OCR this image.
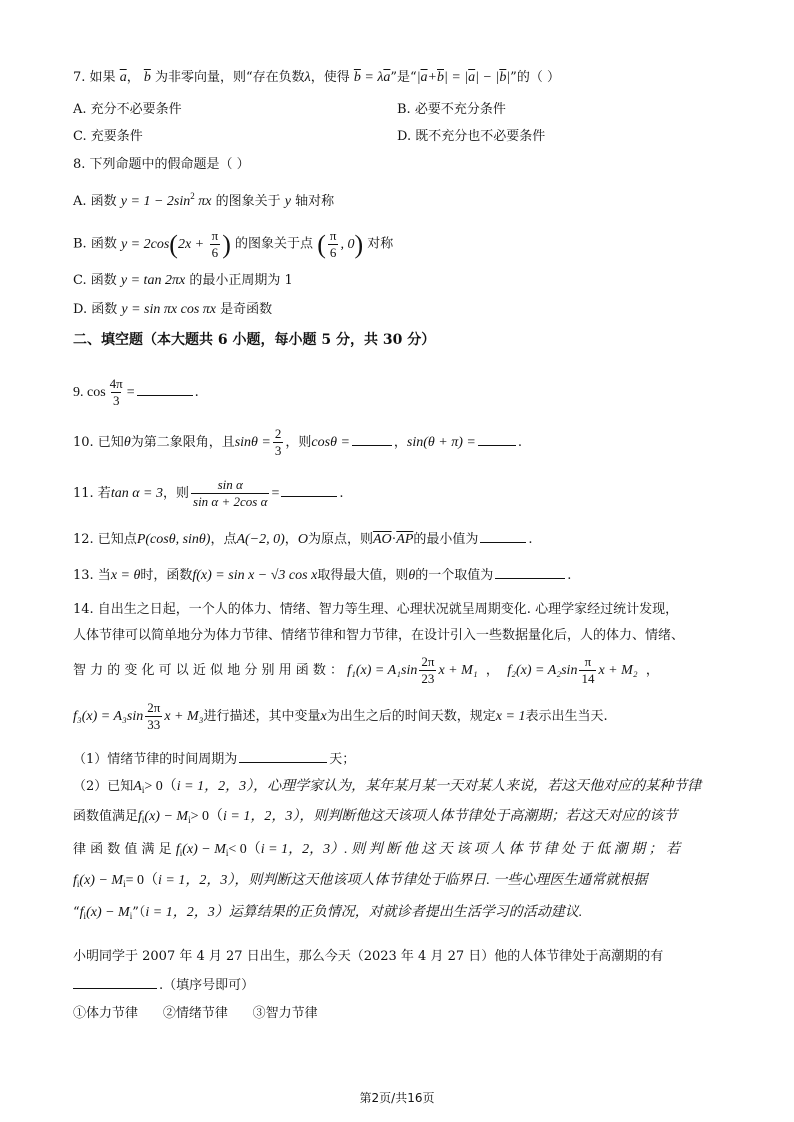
7. 如果 $\overline{a}$， $\overline{b}$ 为非零向量，则“存在负数λ，使得 $\overline{b} = \lambda\overline{a}$”是“$|\overline{a}+\overline{b}| = |\overline{a}| - |\overline{b}|$”的（ ）
A. 充分不必要条件	B. 必要不充分条件
C. 充要条件	D. 既不充分也不必要条件
8. 下列命题中的假命题是（ ）
A. 函数 $y = 1 - 2\sin^2$ πx 的图象关于 y 轴对称
B. 函数 $y = 2\cos(2x + \frac{\pi}{6}$ ) 的图象关于点 ( $\frac{\pi}{6}$ , 0) 对称
C. 函数 y = tan 2πx 的最小正周期为 1
D. 函数 y = sin πx cos πx 是奇函数
二、填空题（本大题共 6 小题，每小题 5 分，共 30 分）
9. $\cos \frac{4\pi}{3}$ =	.
10. 已知θ为第二象限角，且$\sin\theta = \frac{2}{3}$ ，则cosθ =	，sin(θ + π) =	.
11. 若tan α = 3，则 $\frac{\text{sin α}}{\text{sin α + 2cos α}}$ =	.
12. 已知点P(cosθ, sinθ)，点A(−2, 0)，O为原点，则$\overline{AO}\cdot\overline{AP}$的最小值为	.
13. 当x = θ时，函数f(x) = sin x − √3 cos x取得最大值，则θ的一个取值为	.
14. 自出生之日起，一个人的体力、情绪、智力等生理、心理状况就呈周期变化. 心理学家经过统计发现，
人体节律可以简单地分为体力节律、情绪节律和智力节律，在设计引入一些数据量化后，人的体力、情绪、
智 力 的 变 化 可 以 近 似 地 分 别 用 函 数 ： $f_1(x) = A_1\sin \frac{2\pi}{23}$ x + M₁  ，  $f_2(x) = A_2\sin \frac{\pi}{14}$ x + M₂  ，
$f_3(x) = A_3\sin \frac{2\pi}{33}$ x + M₃进行描述，其中变量x为出生之后的时间天数，规定x = 1表示出生当天.
（1）情绪节律的时间周期为	天；
（2）已知$A_i> 0(i = 1$，2，3），心理学家认为，某年某月某一天对某人来说，若这天他对应的某种节律
函数值满足$f_i(x) - M_i> 0(i = 1$，2，3），则判断他这天该项人体节律处于高潮期；若这天对应的该节
律 函 数 值 满 足 $f_i(x) - M_i< 0(i = 1$，2，3）. 则 判 断 他 这 天 该 项 人 体 节 律 处 于 低 潮 期 ； 若
$f_i(x) - M_i= 0(i = 1$，2，3），则判断这天他该项人体节律处于临界日. 一些心理医生通常就根据
“$f_i(x)$ − $M_i”(i = 1$，2，3）运算结果的正负情况，对就诊者提出生活学习的活动建议.
小明同学于 2007 年 4 月 27 日出生，那么今天（2023 年 4 月 27 日）他的人体节律处于高潮期的有
.（填序号即可）
①体力节律 ②情绪节律 ③智力节律
第2页/共16页
